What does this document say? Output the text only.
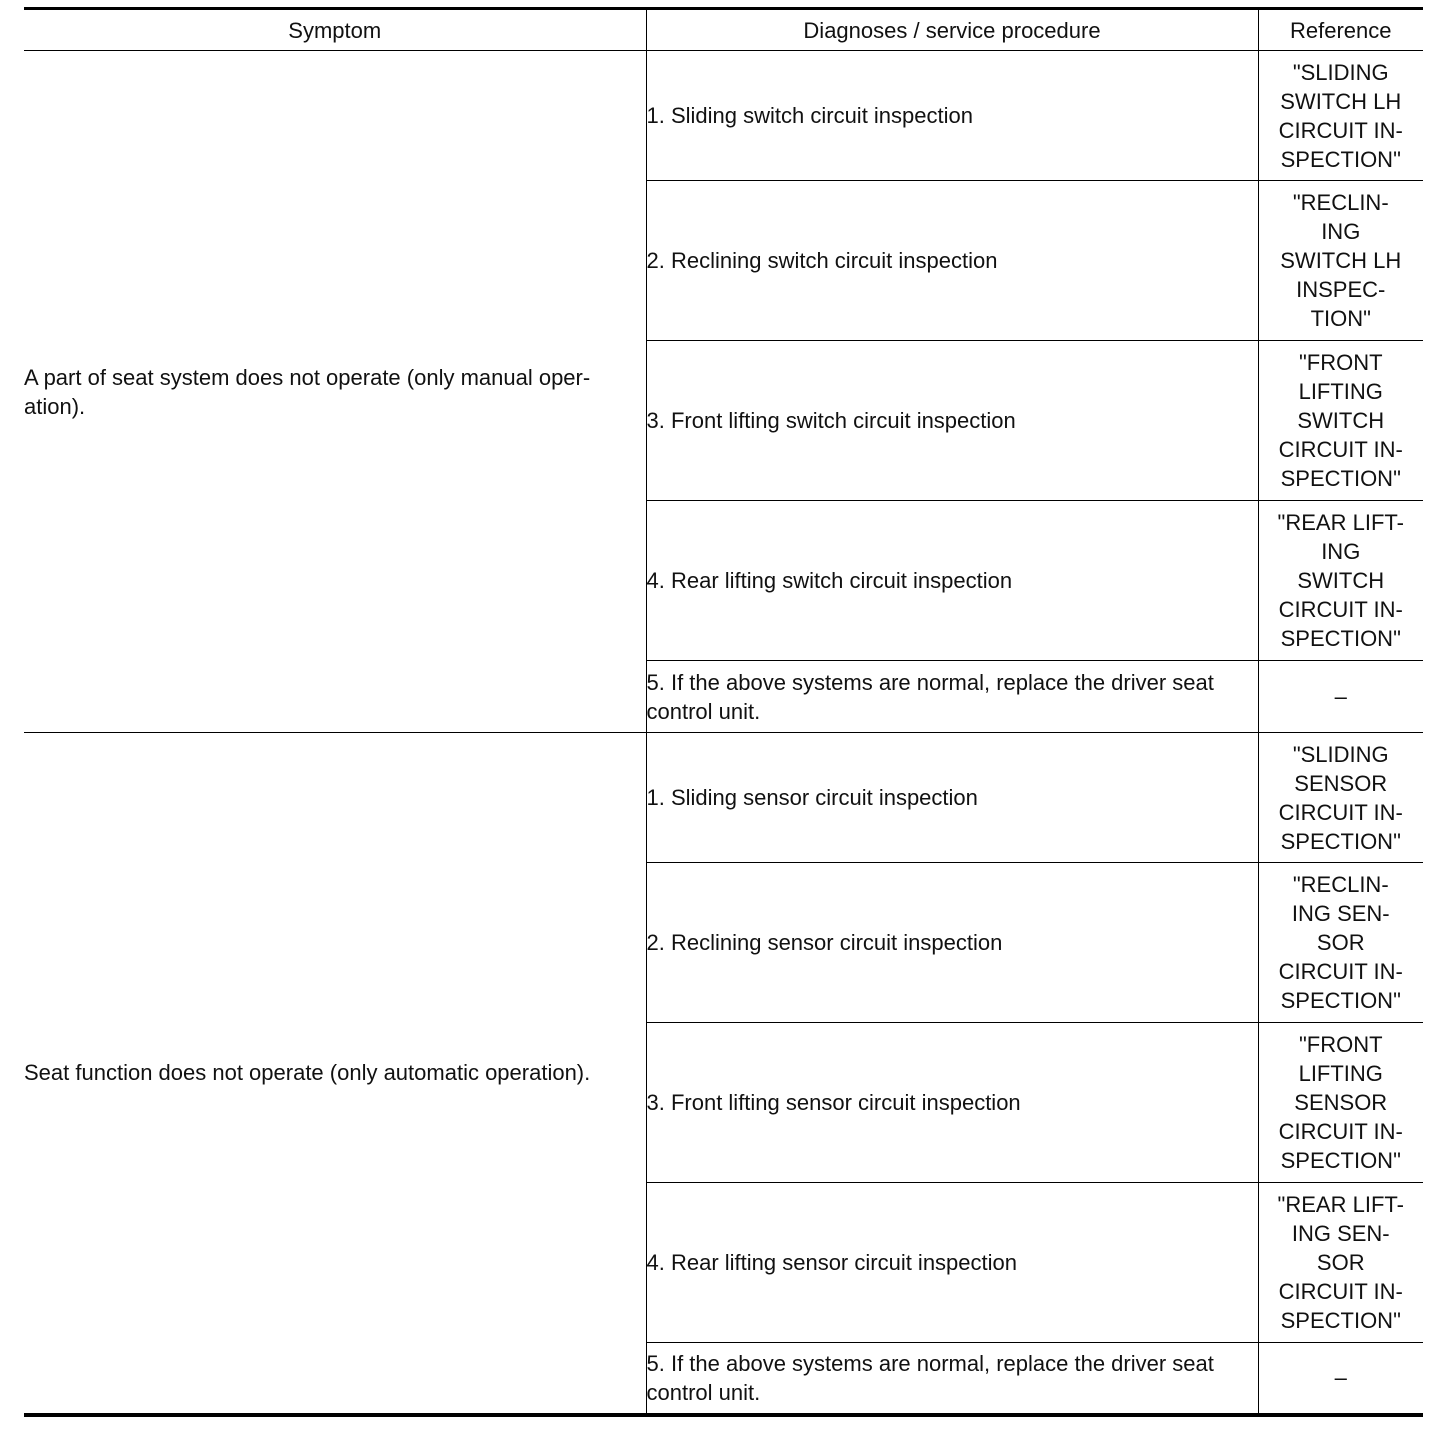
Symptom	Diagnoses / service procedure	Reference

A part of seat system does not operate (only manual oper-
ation).	1. Sliding switch circuit inspection	"SLIDING
SWITCH LH
CIRCUIT IN-
SPECTION"

	2. Reclining switch circuit inspection	"RECLIN-
ING
SWITCH LH
INSPEC-
TION"

	3. Front lifting switch circuit inspection	"FRONT
LIFTING
SWITCH
CIRCUIT IN-
SPECTION"

	4. Rear lifting switch circuit inspection	"REAR LIFT-
ING
SWITCH
CIRCUIT IN-
SPECTION"

	5. If the above systems are normal, replace the driver seat control unit.	–

Seat function does not operate (only automatic operation).	1. Sliding sensor circuit inspection	"SLIDING
SENSOR
CIRCUIT IN-
SPECTION"

	2. Reclining sensor circuit inspection	"RECLIN-
ING SEN-
SOR
CIRCUIT IN-
SPECTION"

	3. Front lifting sensor circuit inspection	"FRONT
LIFTING
SENSOR
CIRCUIT IN-
SPECTION"

	4. Rear lifting sensor circuit inspection	"REAR LIFT-
ING SEN-
SOR
CIRCUIT IN-
SPECTION"

	5. If the above systems are normal, replace the driver seat control unit.	–
